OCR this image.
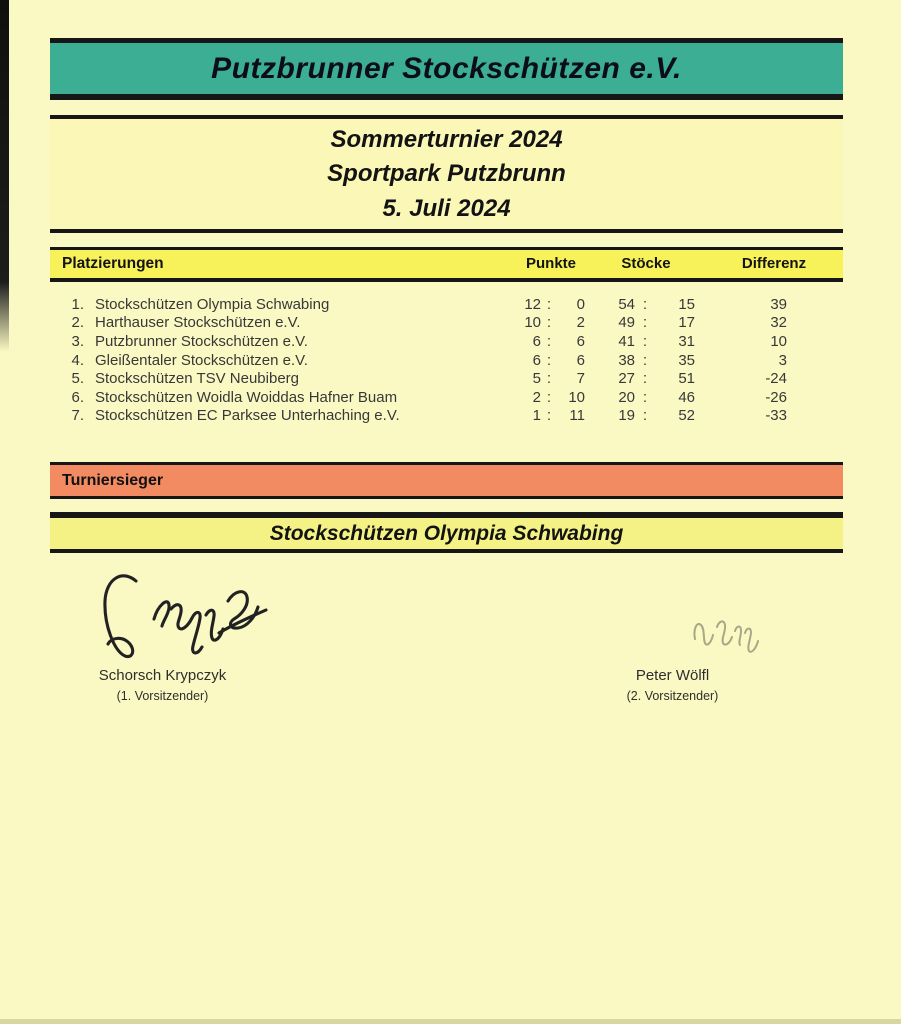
Putzbrunner Stockschützen e.V.
Sommerturnier 2024
Sportpark Putzbrunn
5. Juli 2024
Platzierungen	Punkte	Stöcke	Differenz
1. Stockschützen Olympia Schwabing	12 :	0	54 :	15	39
2. Harthauser Stockschützen e.V.	10 :	2	49 :	17	32
3. Putzbrunner Stockschützen e.V.	6 :	6	41 :	31	10
4. Gleißentaler Stockschützen e.V.	6 :	6	38 :	35	3
5. Stockschützen TSV Neubiberg	5 :	7	27 :	51	-24
6. Stockschützen Woidla Woiddas Hafner Buam	2 :	10	20 :	46	-26
7. Stockschützen EC Parksee Unterhaching e.V.	1 :	11	19 :	52	-33
Turniersieger
Stockschützen Olympia Schwabing
Schorsch Krypczyk
(1. Vorsitzender)
Peter Wölfl
(2. Vorsitzender)
